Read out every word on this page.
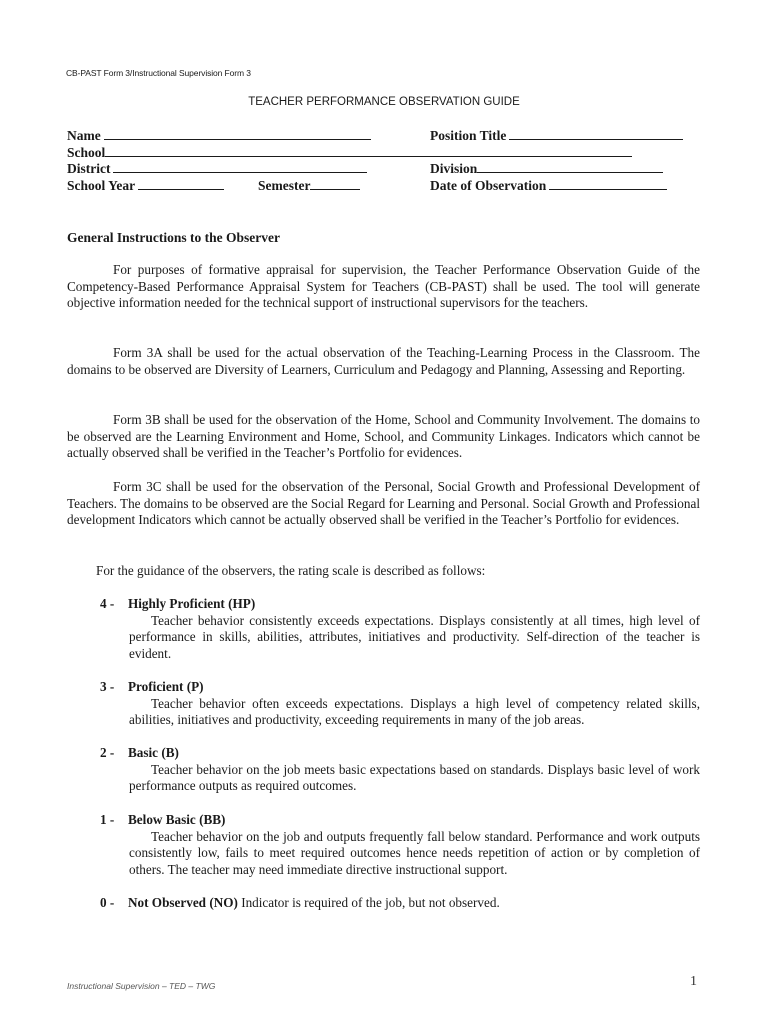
CB-PAST Form 3/Instructional Supervision Form 3
TEACHER PERFORMANCE OBSERVATION GUIDE
Name	Position Title
School
District	Division
School Year	Semester	Date of Observation
General Instructions to the Observer
For purposes of formative appraisal for supervision, the Teacher Performance Observation Guide of the Competency-Based Performance Appraisal System for Teachers (CB-PAST) shall be used. The tool will generate objective information needed for the technical support of instructional supervisors for the teachers.
Form 3A shall be used for the actual observation of the Teaching-Learning Process in the Classroom. The domains to be observed are Diversity of Learners, Curriculum and Pedagogy and Planning, Assessing and Reporting.
Form 3B shall be used for the observation of the Home, School and Community Involvement. The domains to be observed are the Learning Environment and Home, School, and Community Linkages. Indicators which cannot be actually observed shall be verified in the Teacher’s Portfolio for evidences.
Form 3C shall be used for the observation of the Personal, Social Growth and Professional Development of Teachers. The domains to be observed are the Social Regard for Learning and Personal. Social Growth and Professional development Indicators which cannot be actually observed shall be verified in the Teacher’s Portfolio for evidences.
For the guidance of the observers, the rating scale is described as follows:
4 - Highly Proficient (HP)
Teacher behavior consistently exceeds expectations. Displays consistently at all times, high level of performance in skills, abilities, attributes, initiatives and productivity. Self-direction of the teacher is evident.
3 - Proficient (P)
Teacher behavior often exceeds expectations. Displays a high level of competency related skills, abilities, initiatives and productivity, exceeding requirements in many of the job areas.
2 - Basic (B)
Teacher behavior on the job meets basic expectations based on standards. Displays basic level of work performance outputs as required outcomes.
1 - Below Basic (BB)
Teacher behavior on the job and outputs frequently fall below standard. Performance and work outputs consistently low, fails to meet required outcomes hence needs repetition of action or by completion of others. The teacher may need immediate directive instructional support.
0 - Not Observed (NO) Indicator is required of the job, but not observed.
Instructional Supervision – TED – TWG	1
